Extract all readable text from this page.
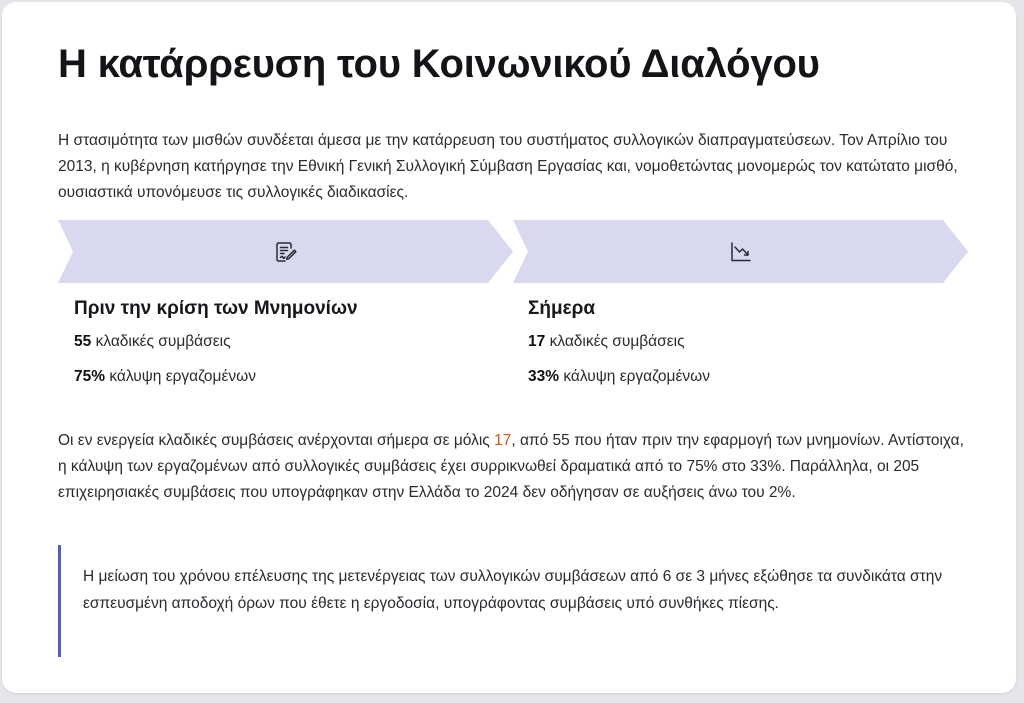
Η κατάρρευση του Κοινωνικού Διαλόγου

Η στασιμότητα των μισθών συνδέεται άμεσα με την κατάρρευση του συστήματος συλλογικών διαπραγματεύσεων. Τον Απρίλιο του 2013, η κυβέρνηση κατήργησε την Εθνική Γενική Συλλογική Σύμβαση Εργασίας και, νομοθετώντας μονομερώς τον κατώτατο μισθό, ουσιαστικά υπονόμευσε τις συλλογικές διαδικασίες.

Πριν την κρίση των Μνημονίων
55 κλαδικές συμβάσεις
75% κάλυψη εργαζομένων
Σήμερα
17 κλαδικές συμβάσεις
33% κάλυψη εργαζομένων

Οι εν ενεργεία κλαδικές συμβάσεις ανέρχονται σήμερα σε μόλις 17, από 55 που ήταν πριν την εφαρμογή των μνημονίων. Αντίστοιχα, η κάλυψη των εργαζομένων από συλλογικές συμβάσεις έχει συρρικνωθεί δραματικά από το 75% στο 33%. Παράλληλα, οι 205 επιχειρησιακές συμβάσεις που υπογράφηκαν στην Ελλάδα το 2024 δεν οδήγησαν σε αυξήσεις άνω του 2%.

Η μείωση του χρόνου επέλευσης της μετενέργειας των συλλογικών συμβάσεων από 6 σε 3 μήνες εξώθησε τα συνδικάτα στην εσπευσμένη αποδοχή όρων που έθετε η εργοδοσία, υπογράφοντας συμβάσεις υπό συνθήκες πίεσης.
